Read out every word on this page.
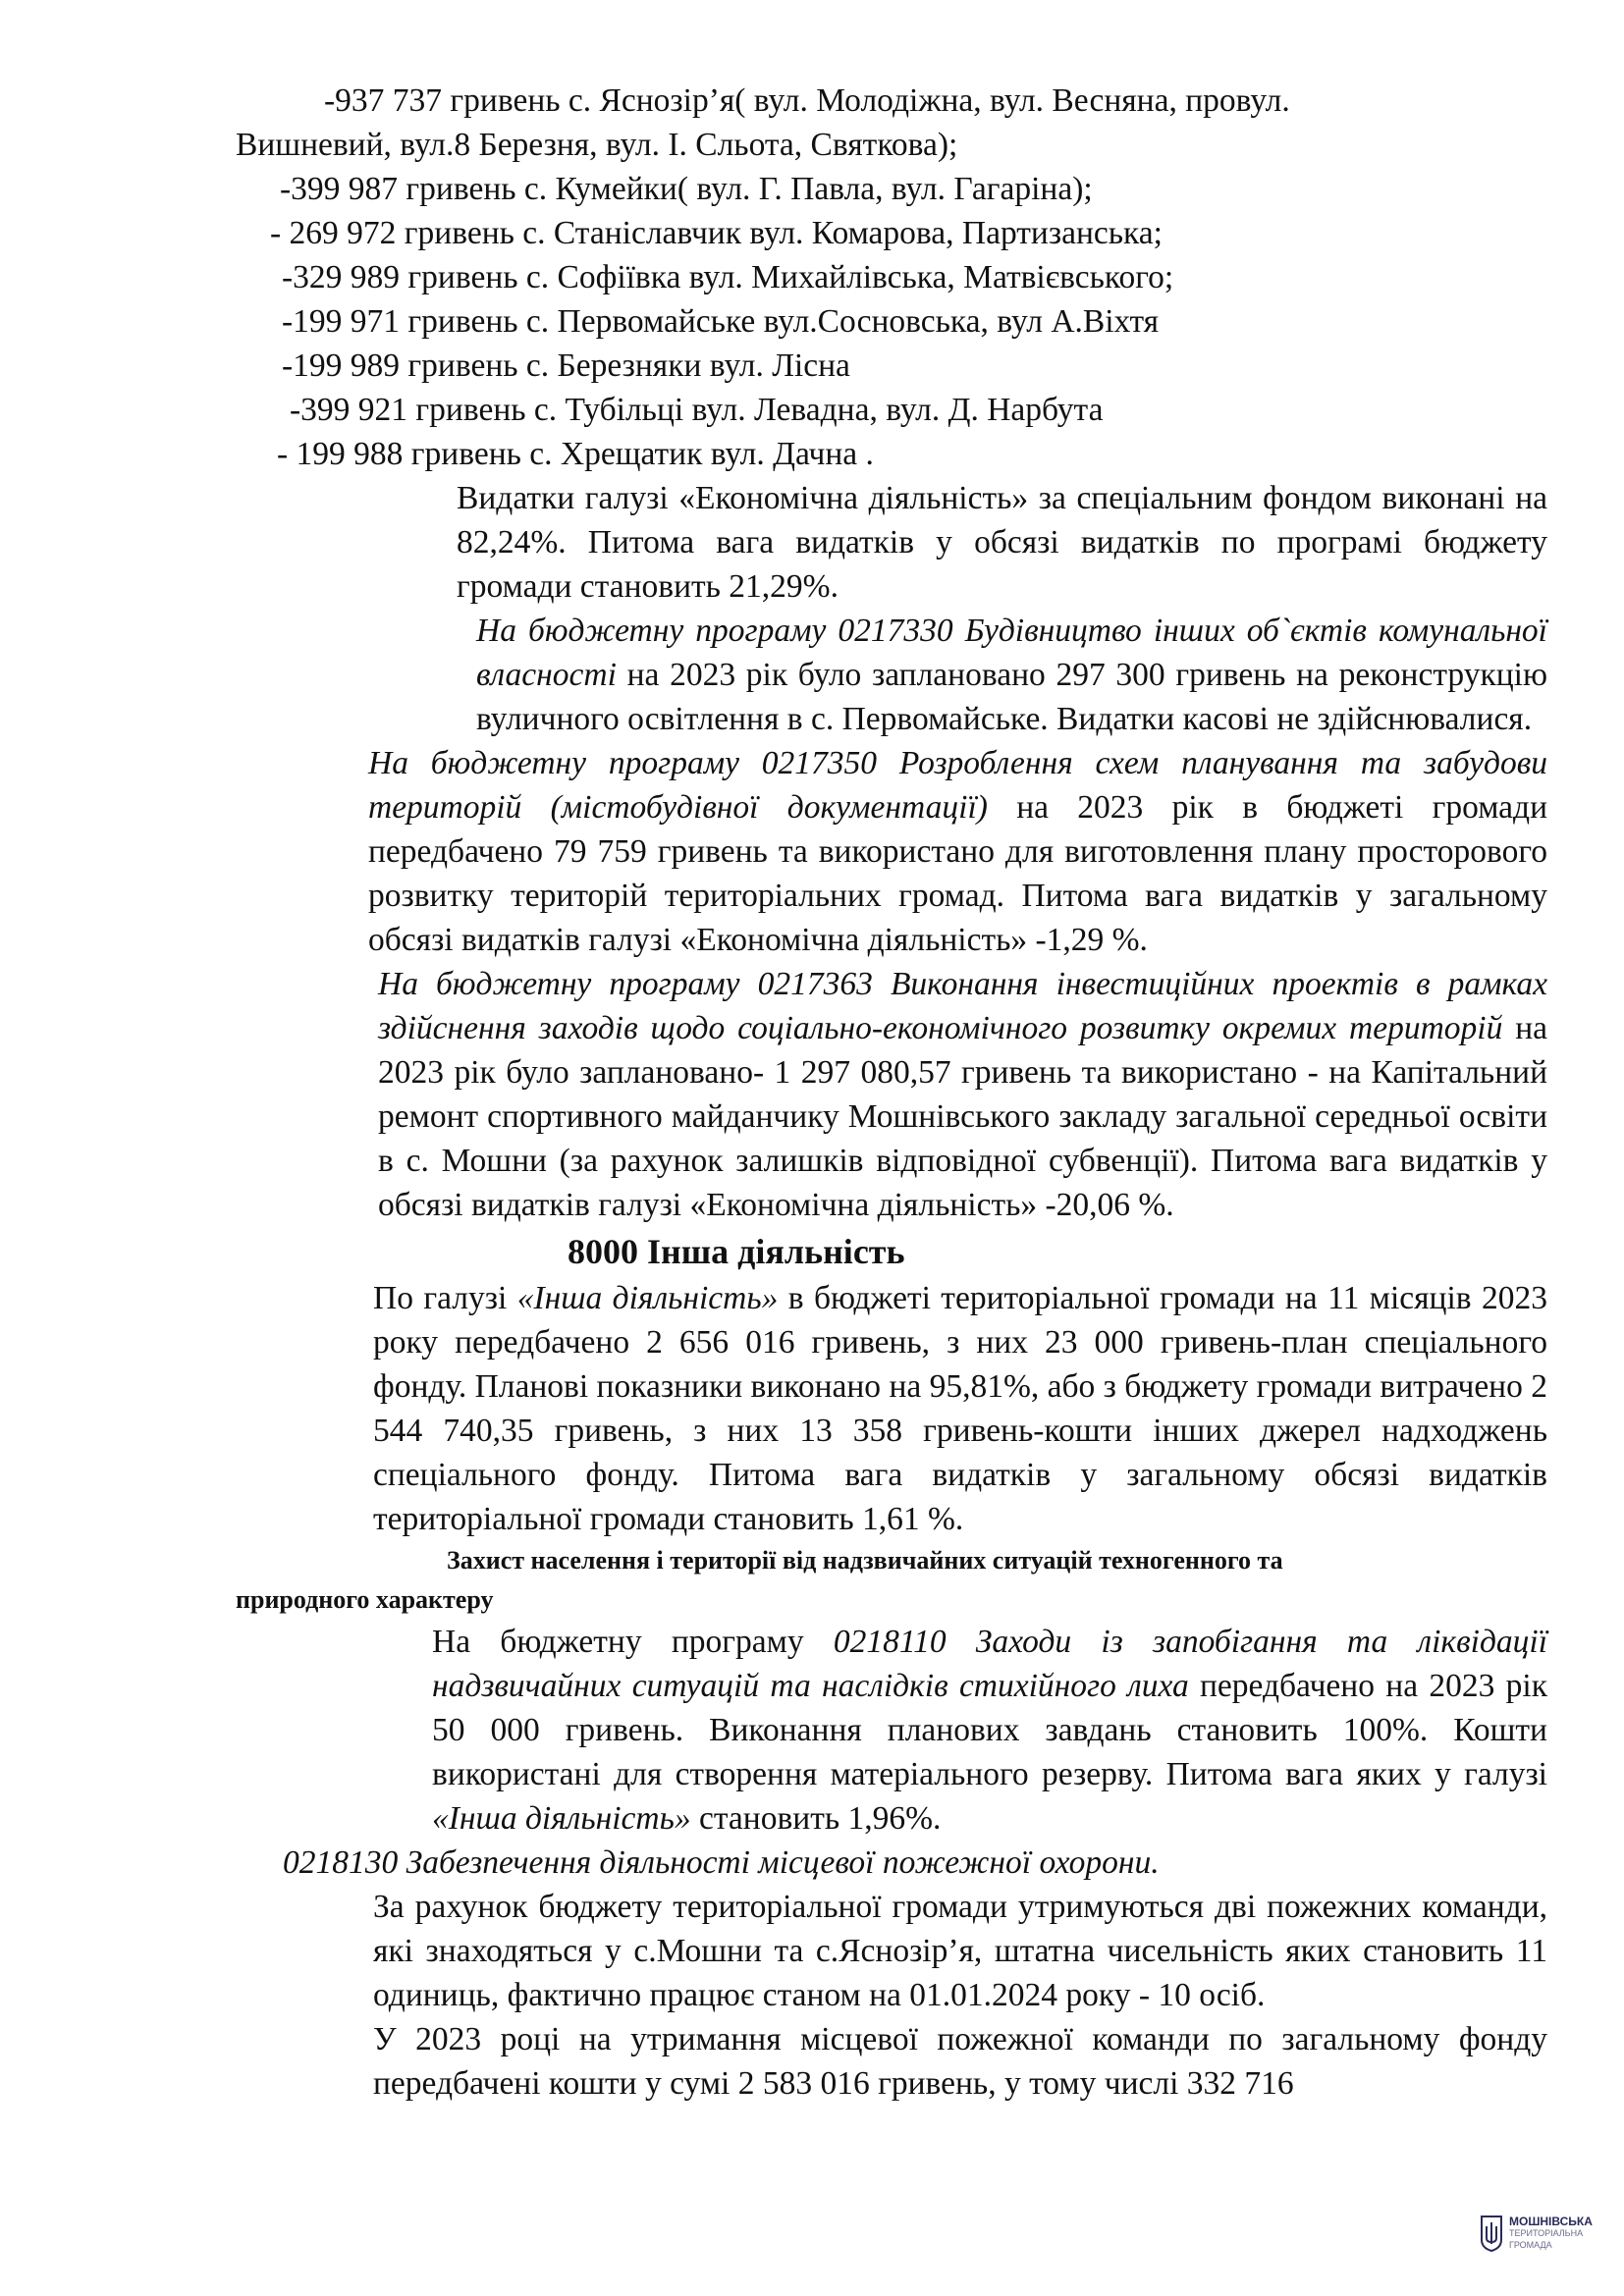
-937 737 гривень с. Яснозір’я( вул. Молодіжна, вул. Весняна, провул.

Вишневий, вул.8 Березня, вул. І. Сльота, Святкова);

-399 987 гривень с. Кумейки( вул. Г. Павла, вул. Гагаріна);

- 269 972 гривень с. Станіславчик вул. Комарова, Партизанська;

-329 989 гривень с. Софіївка вул. Михайлівська, Матвієвського;

-199 971 гривень с. Первомайське вул.Сосновська, вул А.Віхтя

-199 989 гривень с. Березняки вул. Лісна

-399 921 гривень с. Тубільці вул. Левадна, вул. Д. Нарбута

- 199 988 гривень с. Хрещатик вул. Дачна .

Видатки галузі «Економічна діяльність» за спеціальним фондом виконані на 82,24%. Питома вага видатків у обсязі видатків по програмі бюджету громади становить 21,29%.

На бюджетну програму 0217330 Будівництво інших об`єктів комунальної власності на 2023 рік було заплановано 297 300 гривень на реконструкцію вуличного освітлення в с. Первомайське. Видатки касові не здійснювалися.

На бюджетну програму 0217350 Розроблення схем планування та забудови територій (містобудівної документації) на 2023 рік в бюджеті громади передбачено 79 759 гривень та використано для виготовлення плану просторового розвитку територій територіальних громад. Питома вага видатків у загальному обсязі видатків галузі «Економічна діяльність» -1,29 %.

На бюджетну програму 0217363 Виконання інвестиційних проектів в рамках здійснення заходів щодо соціально-економічного розвитку окремих територій на 2023 рік було заплановано- 1 297 080,57 гривень та використано - на Капітальний ремонт спортивного майданчику Мошнівського закладу загальної середньої освіти в с. Мошни (за рахунок залишків відповідної субвенції). Питома вага видатків у обсязі видатків галузі «Економічна діяльність» -20,06 %.

8000 Інша діяльність

По галузі «Інша діяльність» в бюджеті територіальної громади на 11 місяців 2023 року передбачено 2 656 016 гривень, з них 23 000 гривень-план спеціального фонду. Планові показники виконано на 95,81%, або з бюджету громади витрачено 2 544 740,35 гривень, з них 13 358 гривень-кошти інших джерел надходжень спеціального фонду. Питома вага видатків у загальному обсязі видатків територіальної громади становить 1,61 %.

Захист населення і території від надзвичайних ситуацій техногенного та
природного характеру

На бюджетну програму 0218110 Заходи із запобігання та ліквідації надзвичайних ситуацій та наслідків стихійного лиха передбачено на 2023 рік 50 000 гривень. Виконання планових завдань становить 100%. Кошти використані для створення матеріального резерву. Питома вага яких у галузі «Інша діяльність» становить 1,96%.

0218130 Забезпечення діяльності місцевої пожежної охорони.

За рахунок бюджету територіальної громади утримуються дві пожежних команди, які знаходяться у с.Мошни та с.Яснозір’я, штатна чисельність яких становить 11 одиниць, фактично працює станом на 01.01.2024 року - 10 осіб.

У 2023 році на утримання місцевої пожежної команди по загальному фонду передбачені кошти у сумі 2 583 016 гривень, у тому числі 332 716

МОШНІВСЬКА
ТЕРИТОРІАЛЬНА
ГРОМАДА
